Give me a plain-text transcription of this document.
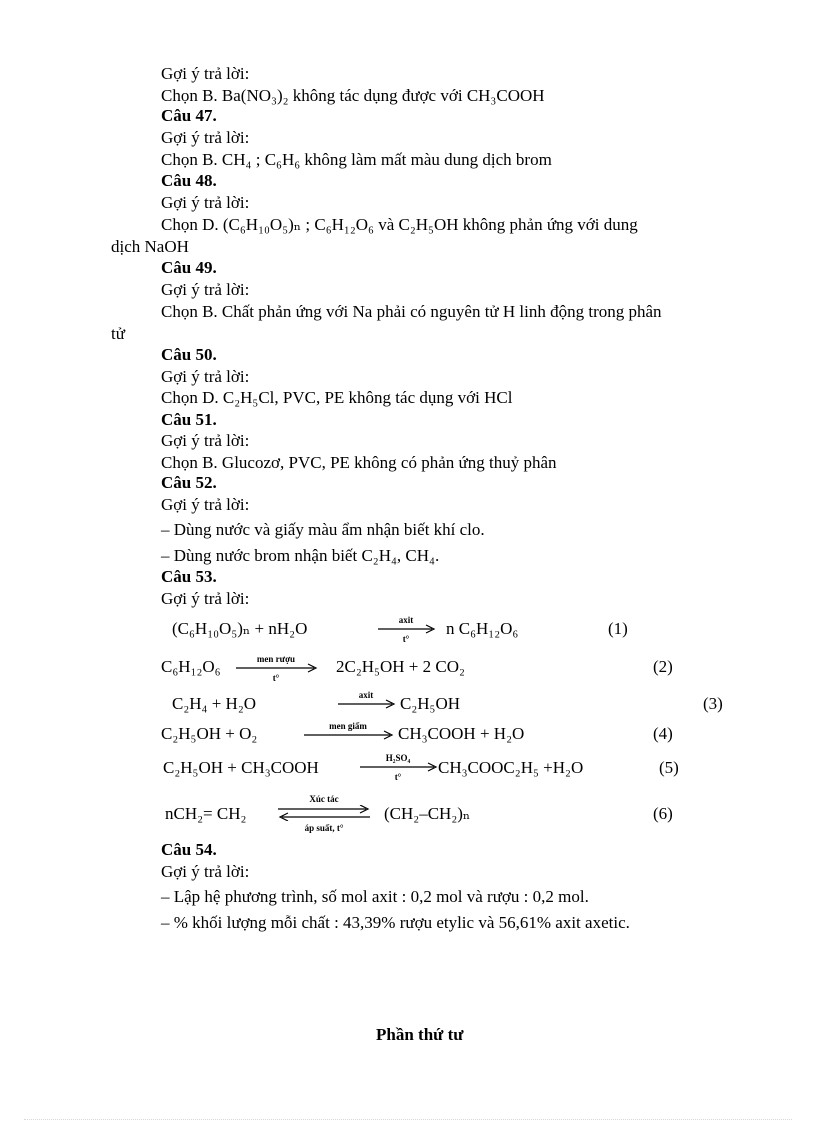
Gợi ý trả lời:
Chọn B. Ba(NO₃)₂ không tác dụng được với CH₃COOH
Câu 47.
Gợi ý trả lời:
Chọn B. CH₄ ; C₆H₆ không làm mất màu dung dịch brom
Câu 48.
Gợi ý trả lời:
Chọn D. (C₆H₁₀O₅)ₙ ; C₆H₁₂O₆ và C₂H₅OH không phản ứng với dung
dịch NaOH
Câu 49.
Gợi ý trả lời:
Chọn B. Chất phản ứng với Na phải có nguyên tử H linh động trong phân
tử
Câu 50.
Gợi ý trả lời:
Chọn D. C₂H₅Cl, PVC, PE không tác dụng với HCl
Câu 51.
Gợi ý trả lời:
Chọn B. Glucozơ, PVC, PE không có phản ứng thuỷ phân
Câu 52.
Gợi ý trả lời:
– Dùng nước và giấy màu ẩm nhận biết khí clo.
– Dùng nước brom nhận biết C₂H₄, CH₄.
Câu 53.
Gợi ý trả lời:
(C₆H₁₀O₅)ₙ + nH₂O	axit
t°
n C₆H₁₂O₆	(1)
C₆H₁₂O₆	men rượu
t°
2C₂H₅OH + 2 CO₂	(2)
C₂H₄ + H₂O	axit → C₂H₅OH	(3)
C₂H₅OH + O₂	men giấm	CH₃COOH + H₂O	(4)
C₂H₅OH + CH₃COOH	H₂SO₄
t°	CH₃COOC₂H₅ +H₂O	(5)
nCH₂= CH₂
Xúc tác
áp suất, t°
(CH₂–CH₂)ₙ	(6)
Câu 54.
Gợi ý trả lời:
– Lập hệ phương trình, số mol axit : 0,2 mol và rượu : 0,2 mol.
– % khối lượng mỗi chất : 43,39% rượu etylic và 56,61% axit axetic.
Phần thứ tư
